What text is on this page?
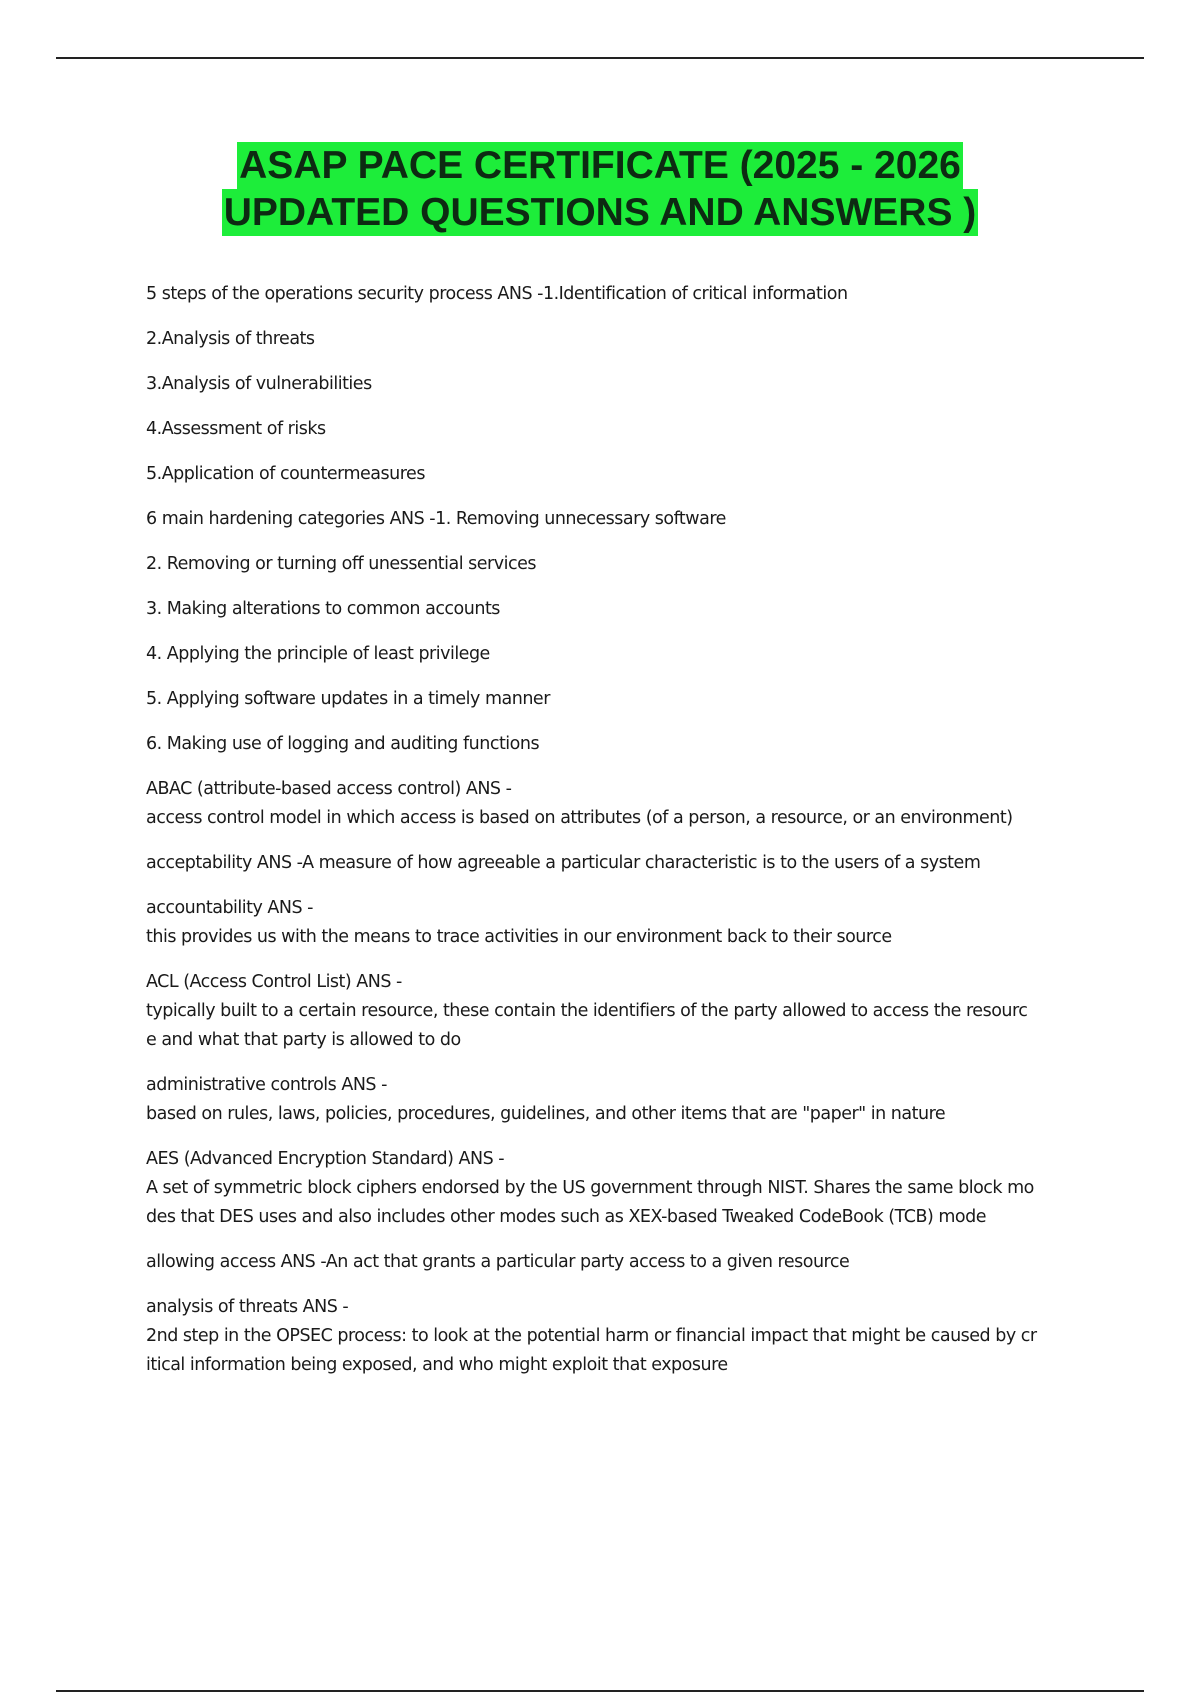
ASAP PACE CERTIFICATE (2025 - 2026
UPDATED QUESTIONS AND ANSWERS )
5 steps of the operations security process ANS -1.Identification of critical information
2.Analysis of threats
3.Analysis of vulnerabilities
4.Assessment of risks
5.Application of countermeasures
6 main hardening categories ANS -1. Removing unnecessary software
2. Removing or turning off unessential services
3. Making alterations to common accounts
4. Applying the principle of least privilege
5. Applying software updates in a timely manner
6. Making use of logging and auditing functions
ABAC (attribute-based access control) ANS -
access control model in which access is based on attributes (of a person, a resource, or an environment)
acceptability ANS -A measure of how agreeable a particular characteristic is to the users of a system
accountability ANS -
this provides us with the means to trace activities in our environment back to their source
ACL (Access Control List) ANS -
typically built to a certain resource, these contain the identifiers of the party allowed to access the resourc
e and what that party is allowed to do
administrative controls ANS -
based on rules, laws, policies, procedures, guidelines, and other items that are "paper" in nature
AES (Advanced Encryption Standard) ANS -
A set of symmetric block ciphers endorsed by the US government through NIST. Shares the same block mo
des that DES uses and also includes other modes such as XEX-based Tweaked CodeBook (TCB) mode
allowing access ANS -An act that grants a particular party access to a given resource
analysis of threats ANS -
2nd step in the OPSEC process: to look at the potential harm or financial impact that might be caused by cr
itical information being exposed, and who might exploit that exposure
